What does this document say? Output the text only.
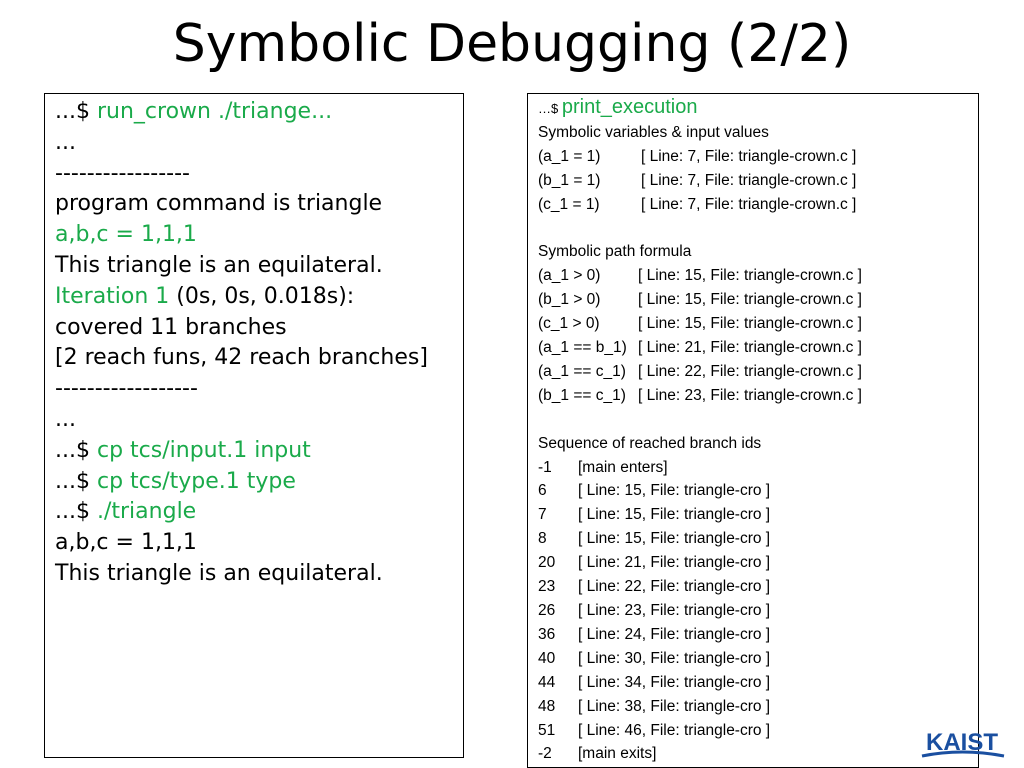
Symbolic Debugging (2/2)
...$ run_crown ./triange...
...
-----------------
program command is triangle
a,b,c = 1,1,1
This triangle is an equilateral.
Iteration 1 (0s, 0s, 0.018s):
covered 11 branches
[2 reach funs, 42 reach branches]
------------------
...
...$ cp tcs/input.1 input
...$ cp tcs/type.1 type
...$ ./triangle
a,b,c = 1,1,1
This triangle is an equilateral.
…$ print_execution
Symbolic variables & input values
(a_1 = 1)	[ Line: 7, File: triangle-crown.c ]
(b_1 = 1)	[ Line: 7, File: triangle-crown.c ]
(c_1 = 1)	[ Line: 7, File: triangle-crown.c ]
Symbolic path formula
(a_1 > 0) [ Line: 15, File: triangle-crown.c ]
(b_1 > 0) [ Line: 15, File: triangle-crown.c ]
(c_1 > 0) [ Line: 15, File: triangle-crown.c ]
(a_1 == b_1) [ Line: 21, File: triangle-crown.c ]
(a_1 == c_1) [ Line: 22, File: triangle-crown.c ]
(b_1 == c_1) [ Line: 23, File: triangle-crown.c ]
Sequence of reached branch ids
-1 [main enters]
6 [ Line: 15, File: triangle-cro ]
7 [ Line: 15, File: triangle-cro ]
8 [ Line: 15, File: triangle-cro ]
20 [ Line: 21, File: triangle-cro ]
23 [ Line: 22, File: triangle-cro ]
26 [ Line: 23, File: triangle-cro ]
36 [ Line: 24, File: triangle-cro ]
40 [ Line: 30, File: triangle-cro ]
44 [ Line: 34, File: triangle-cro ]
48 [ Line: 38, File: triangle-cro ]
51 [ Line: 46, File: triangle-cro ]
-2 [main exits]	KAIST
